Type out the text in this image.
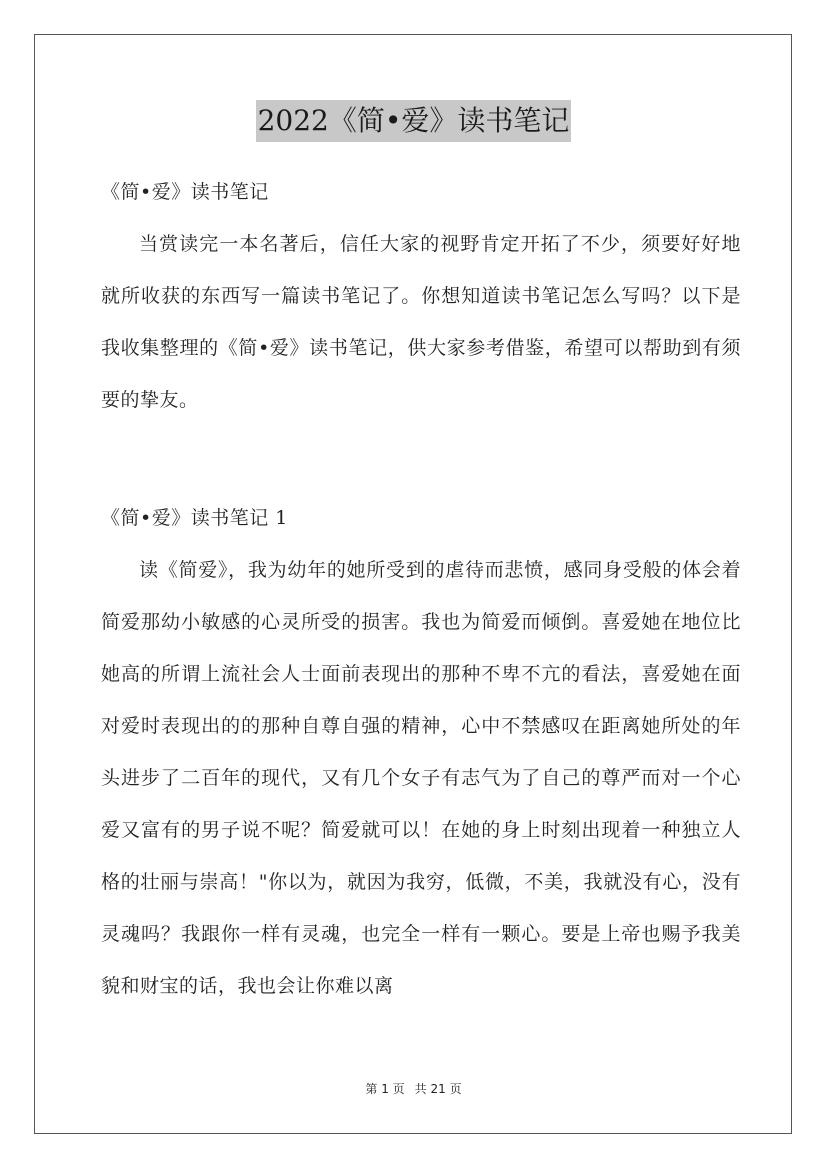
2022《简•爱》读书笔记
《简•爱》读书笔记
当赏读完一本名著后，信任大家的视野肯定开拓了不少，须要好好地就所收获的东西写一篇读书笔记了。你想知道读书笔记怎么写吗？以下是我收集整理的《简•爱》读书笔记，供大家参考借鉴，希望可以帮助到有须要的挚友。
《简•爱》读书笔记 1
读《简爱》，我为幼年的她所受到的虐待而悲愤，感同身受般的体会着简爱那幼小敏感的心灵所受的损害。我也为简爱而倾倒。喜爱她在地位比她高的所谓上流社会人士面前表现出的那种不卑不亢的看法，喜爱她在面对爱时表现出的的那种自尊自强的精神，心中不禁感叹在距离她所处的年头进步了二百年的现代，又有几个女子有志气为了自己的尊严而对一个心爱又富有的男子说不呢？简爱就可以！在她的身上时刻出现着一种独立人格的壮丽与崇高！"你以为，就因为我穷，低微，不美，我就没有心，没有灵魂吗？我跟你一样有灵魂，也完全一样有一颗心。要是上帝也赐予我美貌和财宝的话，我也会让你难以离
第 1 页 共 21 页
